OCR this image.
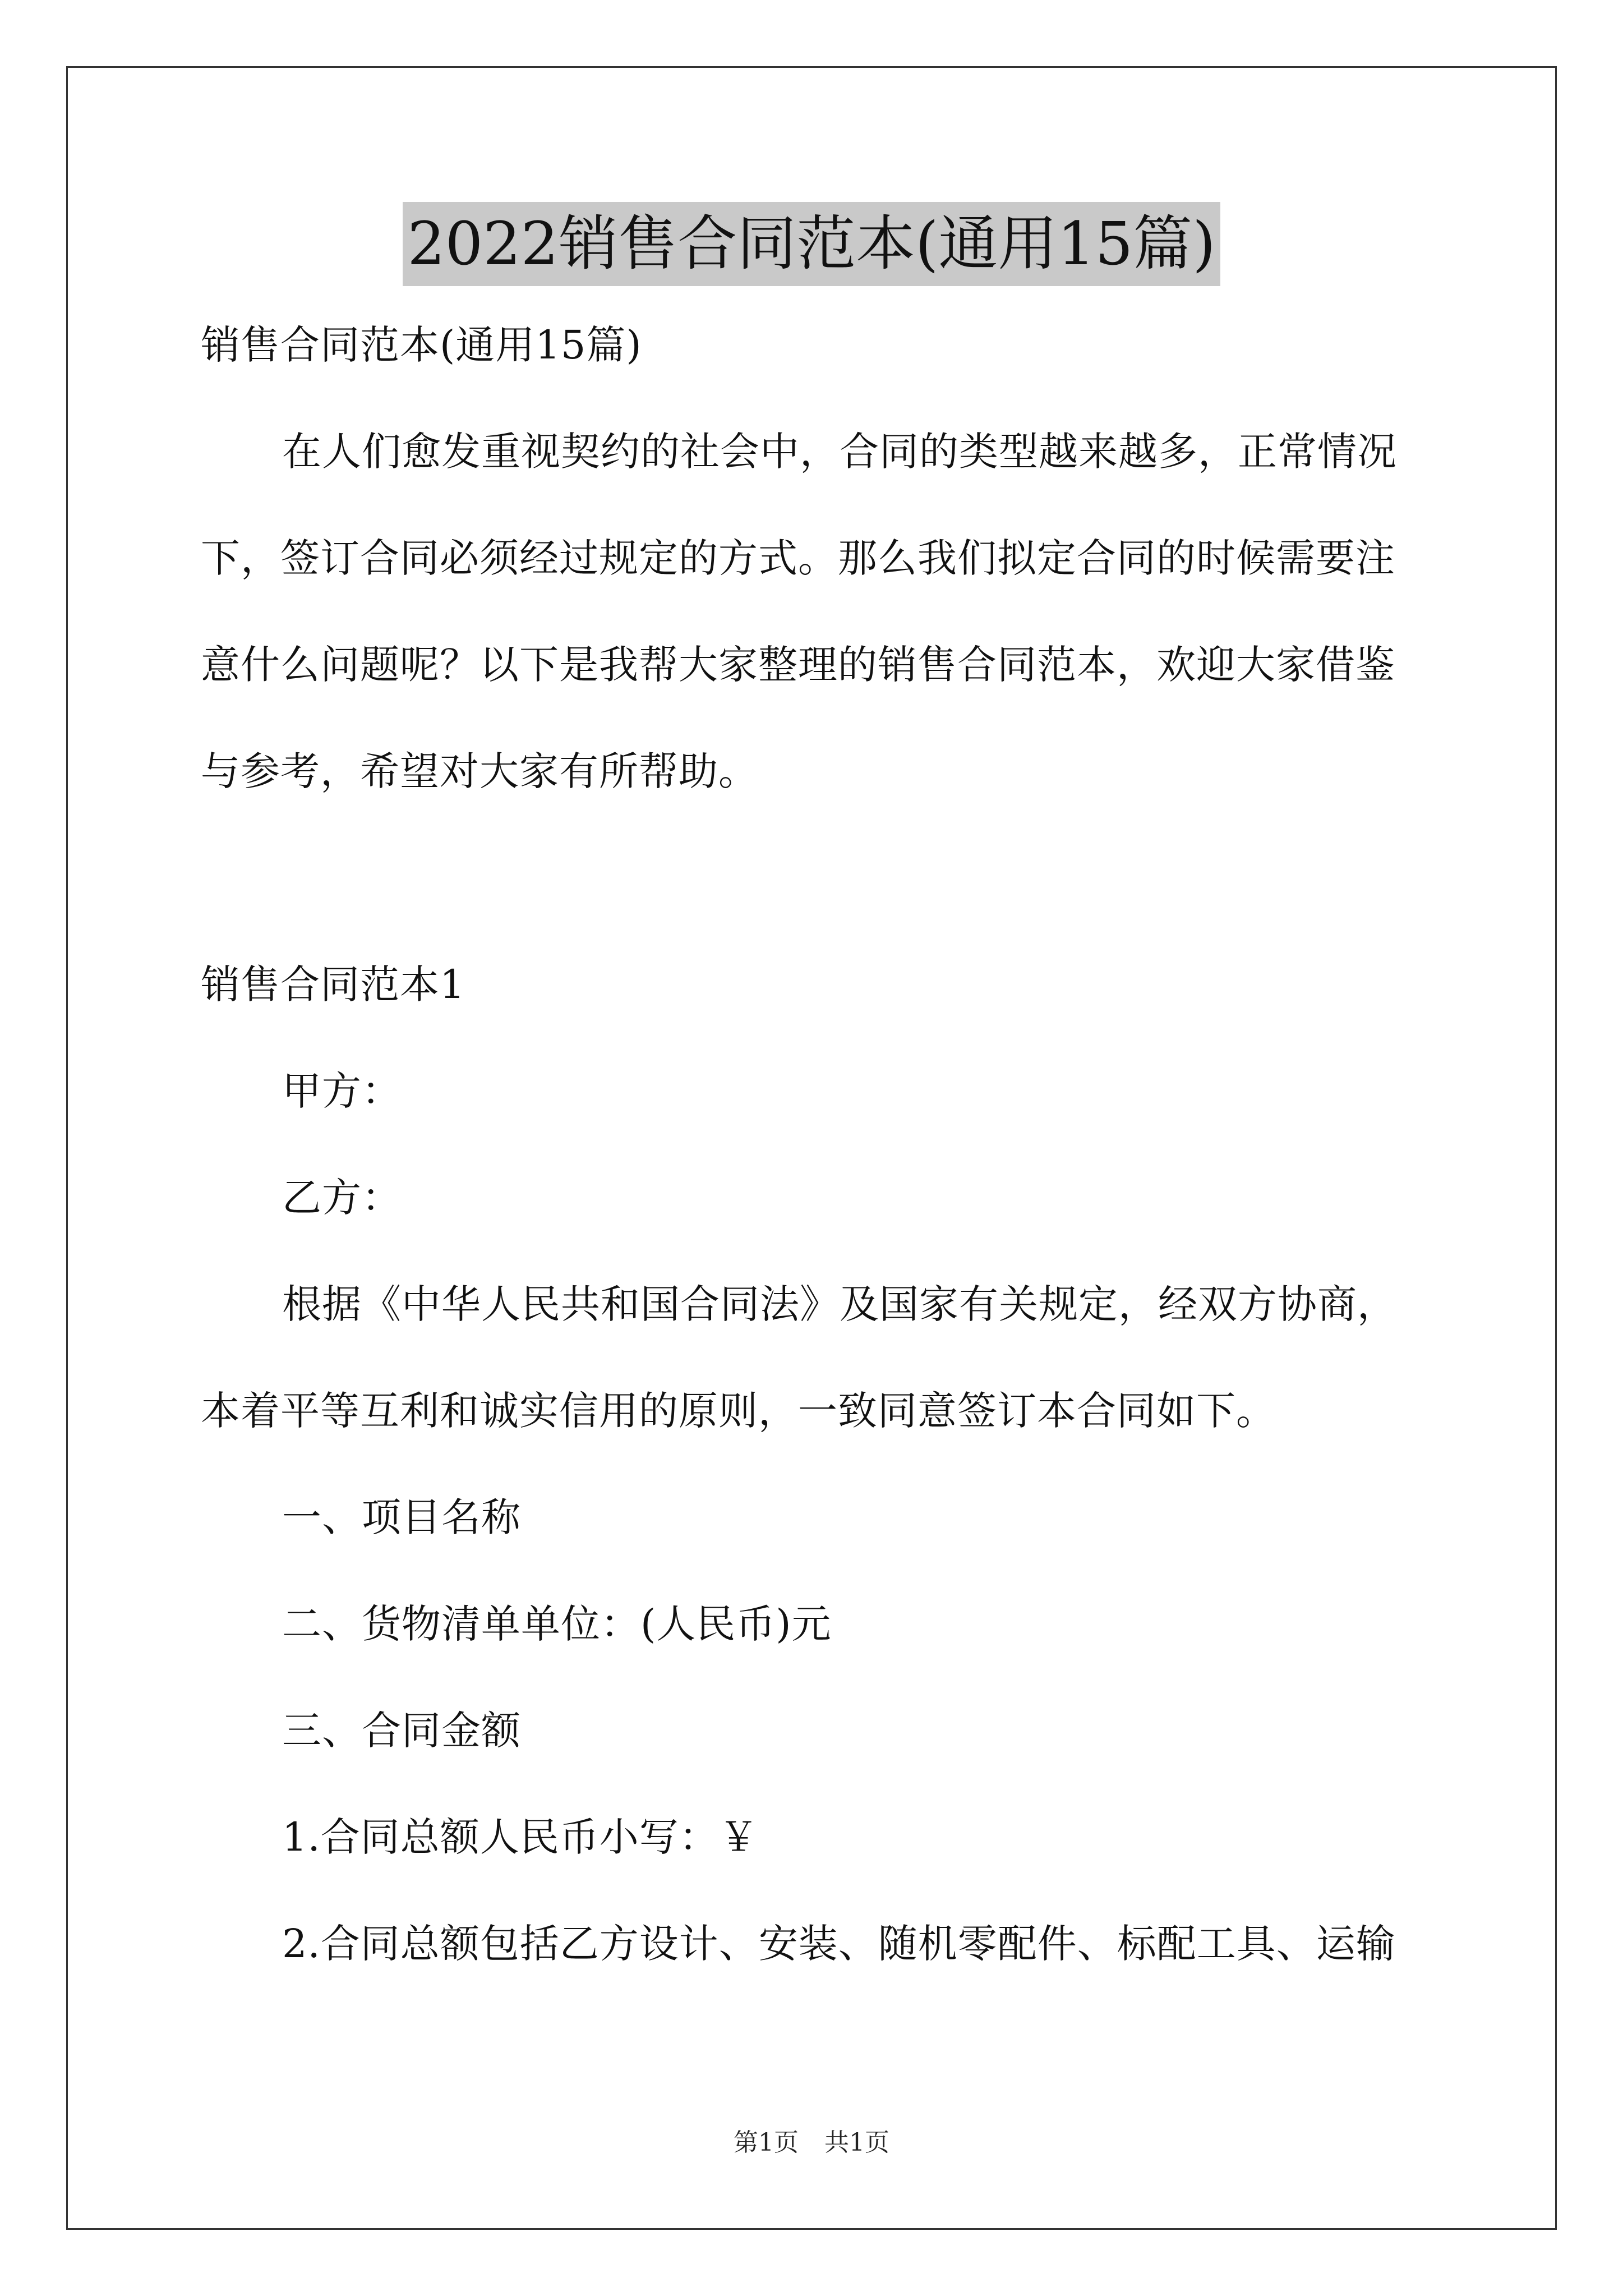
2022销售合同范本(通用15篇)

销售合同范本(通用15篇)

在人们愈发重视契约的社会中，合同的类型越来越多，正常情况

下，签订合同必须经过规定的方式。那么我们拟定合同的时候需要注

意什么问题呢？以下是我帮大家整理的销售合同范本，欢迎大家借鉴

与参考，希望对大家有所帮助。

销售合同范本1

甲方：

乙方：

根据《中华人民共和国合同法》及国家有关规定，经双方协商，

本着平等互利和诚实信用的原则，一致同意签订本合同如下。

一、项目名称

二、货物清单单位：(人民币)元

三、合同金额

1.合同总额人民币小写：￥

2.合同总额包括乙方设计、安装、随机零配件、标配工具、运输

第1页 共1页
